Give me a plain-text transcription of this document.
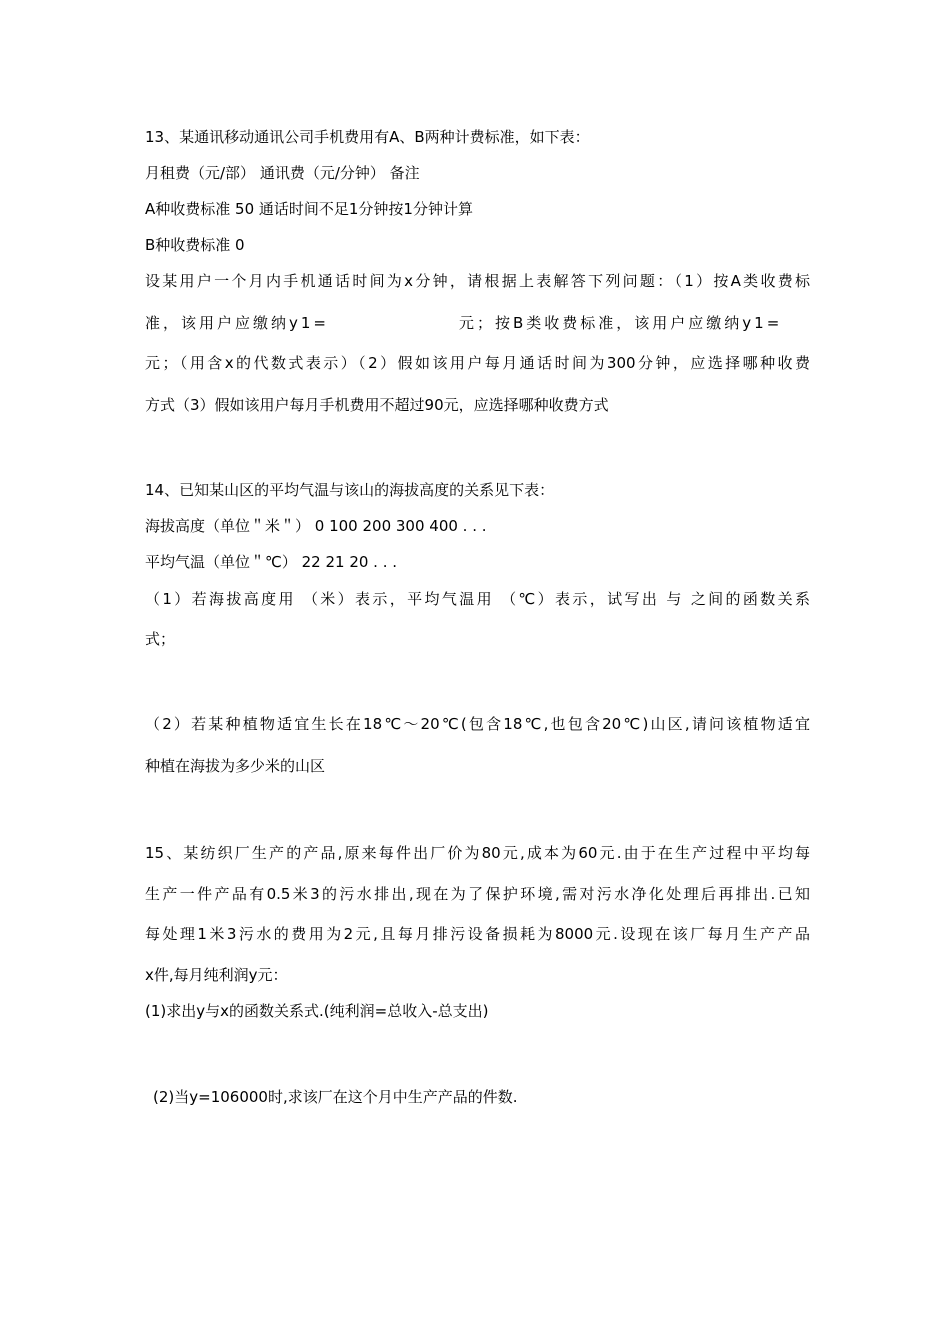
13、某通讯移动通讯公司手机费用有A、B两种计费标准，如下表：
月租费（元/部） 通讯费（元/分钟） 备注
A种收费标准 50 通话时间不足1分钟按1分钟计算
B种收费标准 0
设某用户一个月内手机通话时间为x分钟，请根据上表解答下列问题：（1）按A类收费标
准，该用户应缴纳y1=	元；按B类收费标准，该用户应缴纳y1=
元；（用含x的代数式表示）（2）假如该用户每月通话时间为300分钟，应选择哪种收费
方式（3）假如该用户每月手机费用不超过90元，应选择哪种收费方式
14、已知某山区的平均气温与该山的海拔高度的关系见下表：
海拔高度（单位＂米＂） 0 100 200 300 400 . . .
平均气温（单位＂℃） 22 21 20 . . .
（1）若海拔高度用 （米）表示，平均气温用 （℃）表示，试写出 与 之间的函数关系
式；
（2）若某种植物适宜生长在18℃～20℃(包含18℃,也包含20℃)山区,请问该植物适宜
种植在海拔为多少米的山区
15、某纺织厂生产的产品,原来每件出厂价为80元,成本为60元.由于在生产过程中平均每
生产一件产品有0.5米3的污水排出,现在为了保护环境,需对污水净化处理后再排出.已知
每处理1米3污水的费用为2元,且每月排污设备损耗为8000元.设现在该厂每月生产产品
x件,每月纯利润y元：
(1)求出y与x的函数关系式.(纯利润=总收入-总支出)
(2)当y=106000时,求该厂在这个月中生产产品的件数.
